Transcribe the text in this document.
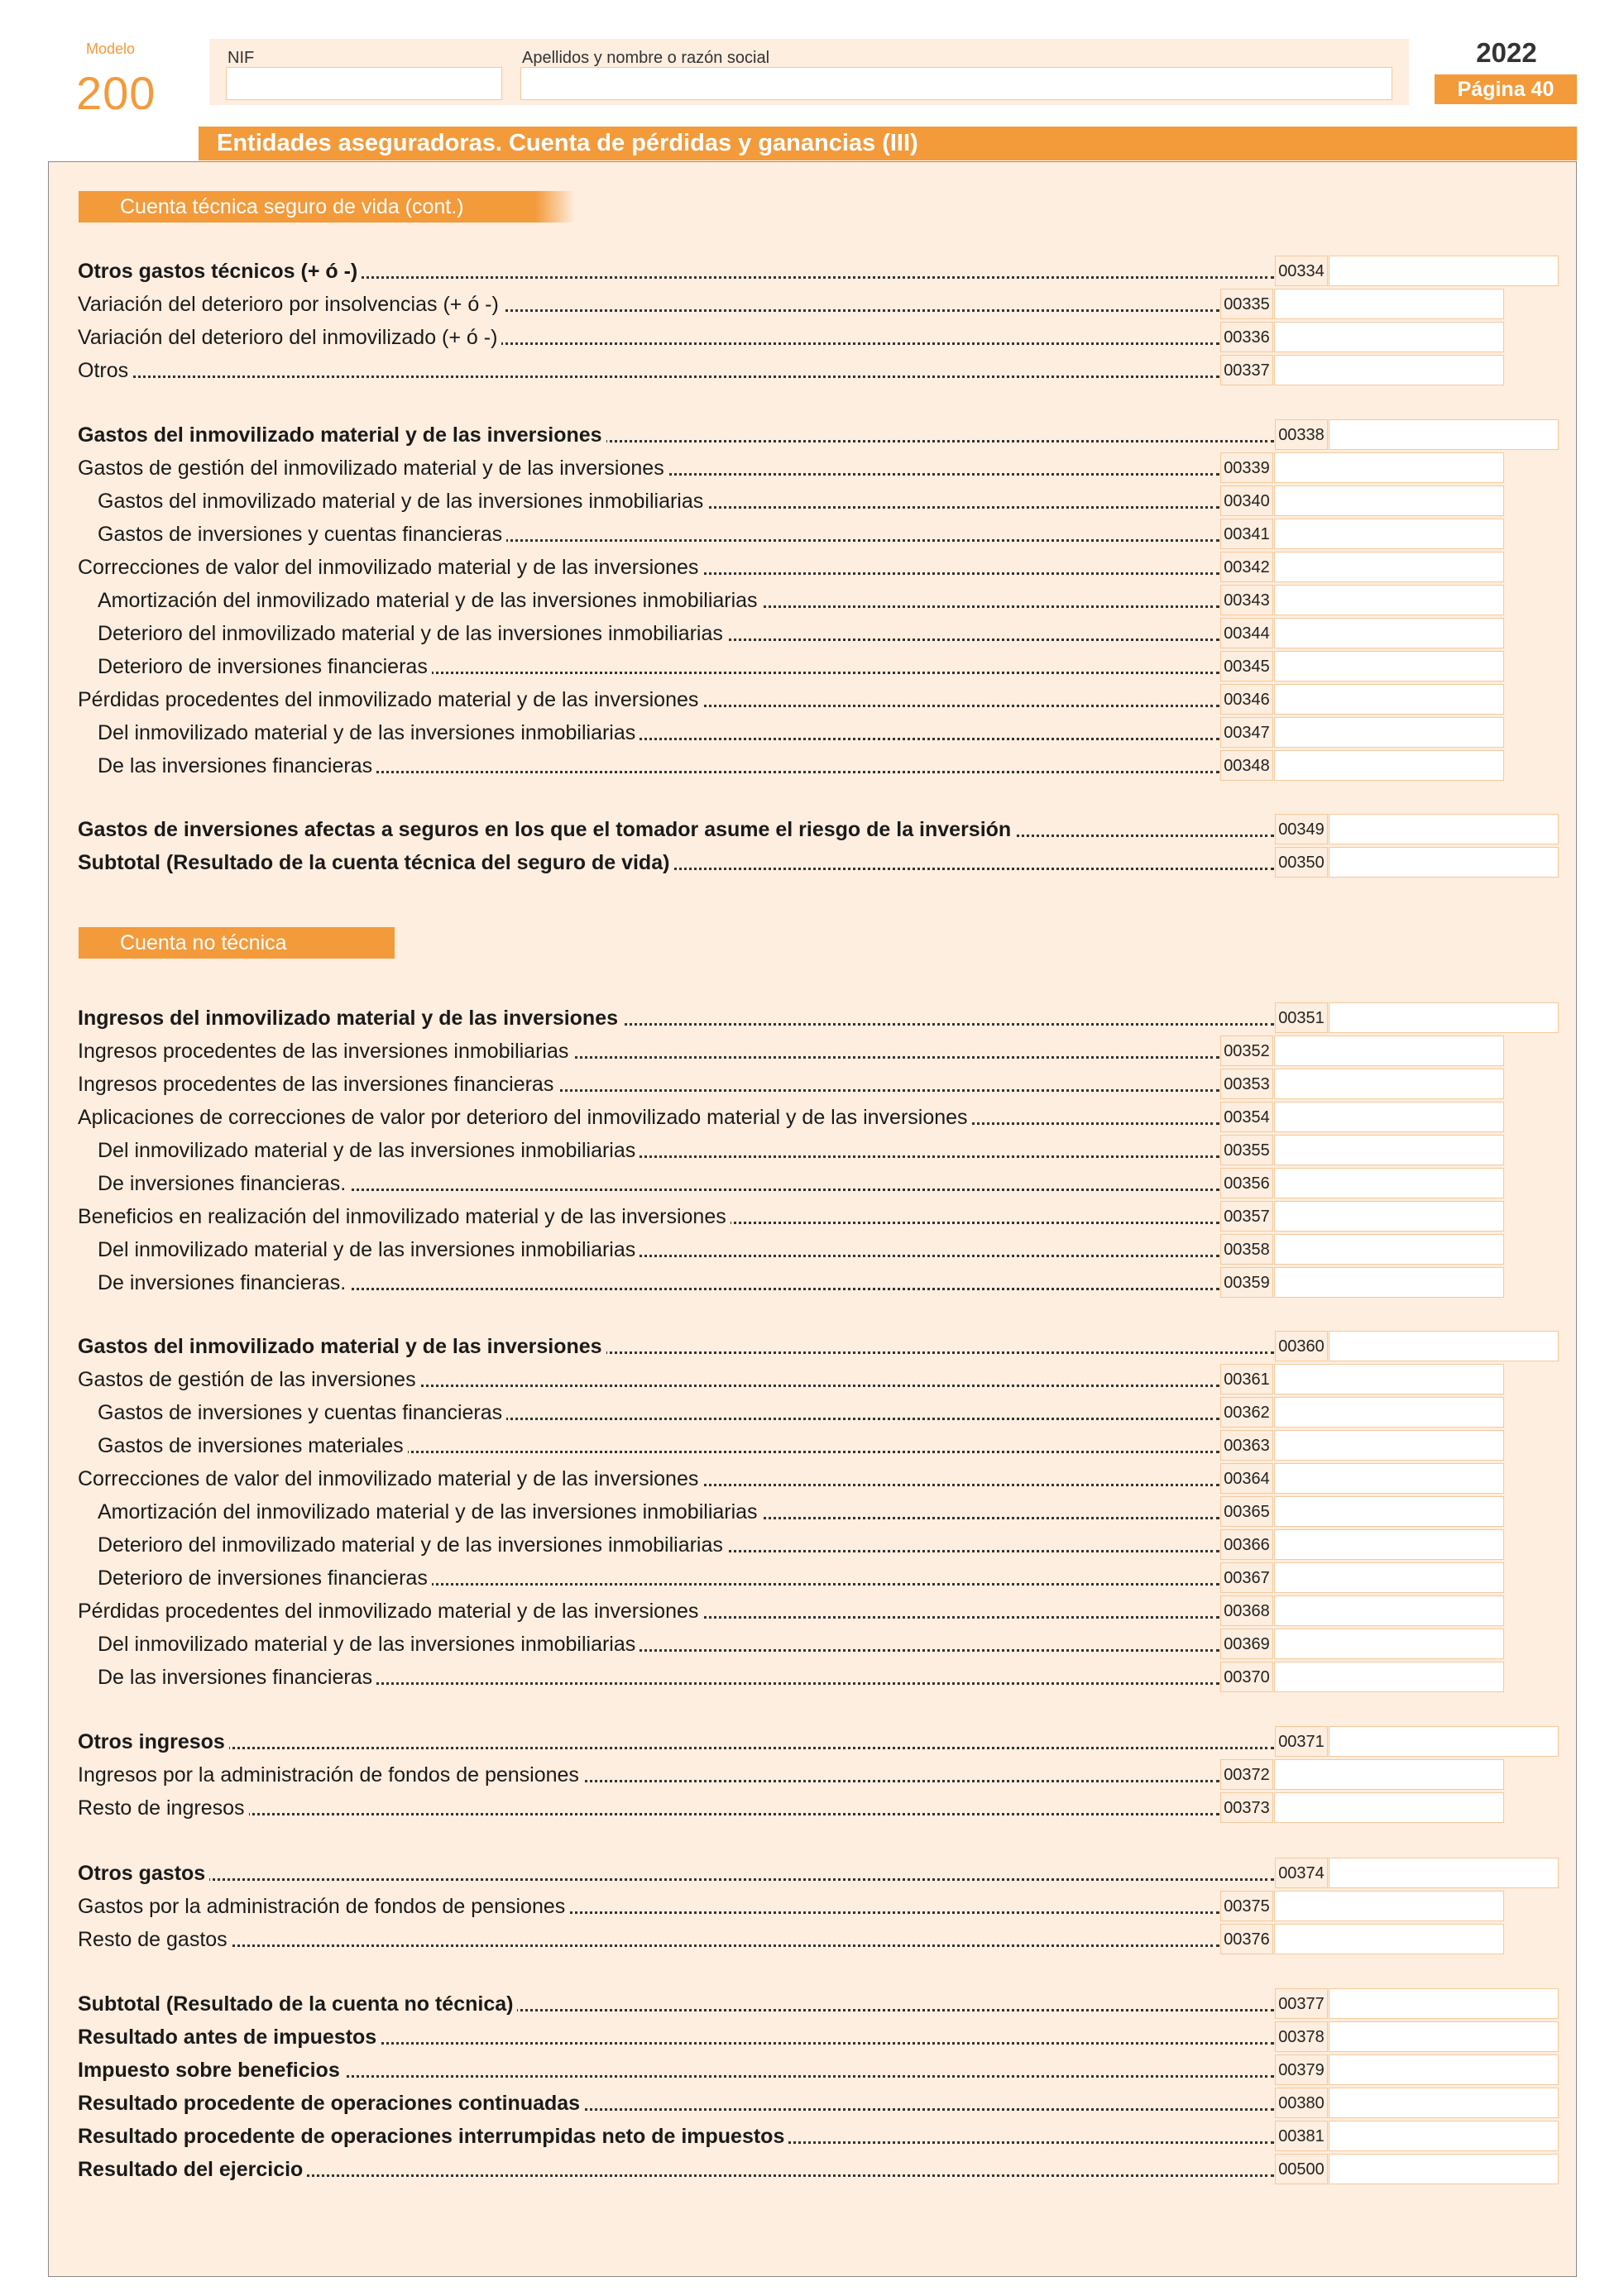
Modelo
200
NIF	Apellidos y nombre o razón social	2022
Página 40
Entidades aseguradoras. Cuenta de pérdidas y ganancias (III)
Cuenta técnica seguro de vida (cont.)
Cuenta no técnica
Otros gastos técnicos (+ ó -)	00334
Variación del deterioro por insolvencias (+ ó -)	00335
Variación del deterioro del inmovilizado (+ ó -)	00336
Otros	00337
Gastos del inmovilizado material y de las inversiones	00338
Gastos de gestión del inmovilizado material y de las inversiones	00339
Gastos del inmovilizado material y de las inversiones inmobiliarias	00340
Gastos de inversiones y cuentas financieras	00341
Correcciones de valor del inmovilizado material y de las inversiones	00342
Amortización del inmovilizado material y de las inversiones inmobiliarias	00343
Deterioro del inmovilizado material y de las inversiones inmobiliarias	00344
Deterioro de inversiones financieras	00345
Pérdidas procedentes del inmovilizado material y de las inversiones	00346
Del inmovilizado material y de las inversiones inmobiliarias	00347
De las inversiones financieras	00348
Gastos de inversiones afectas a seguros en los que el tomador asume el riesgo de la inversión	00349
Subtotal (Resultado de la cuenta técnica del seguro de vida)	00350
Ingresos del inmovilizado material y de las inversiones	00351
Ingresos procedentes de las inversiones inmobiliarias	00352
Ingresos procedentes de las inversiones financieras	00353
Aplicaciones de correcciones de valor por deterioro del inmovilizado material y de las inversiones	00354
Del inmovilizado material y de las inversiones inmobiliarias	00355
De inversiones financieras.	00356
Beneficios en realización del inmovilizado material y de las inversiones	00357
Del inmovilizado material y de las inversiones inmobiliarias	00358
De inversiones financieras.	00359
Gastos del inmovilizado material y de las inversiones	00360
Gastos de gestión de las inversiones	00361
Gastos de inversiones y cuentas financieras	00362
Gastos de inversiones materiales	00363
Correcciones de valor del inmovilizado material y de las inversiones	00364
Amortización del inmovilizado material y de las inversiones inmobiliarias	00365
Deterioro del inmovilizado material y de las inversiones inmobiliarias	00366
Deterioro de inversiones financieras	00367
Pérdidas procedentes del inmovilizado material y de las inversiones	00368
Del inmovilizado material y de las inversiones inmobiliarias	00369
De las inversiones financieras	00370
Otros ingresos	00371
Ingresos por la administración de fondos de pensiones	00372
Resto de ingresos	00373
Otros gastos	00374
Gastos por la administración de fondos de pensiones	00375
Resto de gastos	00376
Subtotal (Resultado de la cuenta no técnica)	00377
Resultado antes de impuestos	00378
Impuesto sobre beneficios	00379
Resultado procedente de operaciones continuadas	00380
Resultado procedente de operaciones interrumpidas neto de impuestos	00381
Resultado del ejercicio	00500
